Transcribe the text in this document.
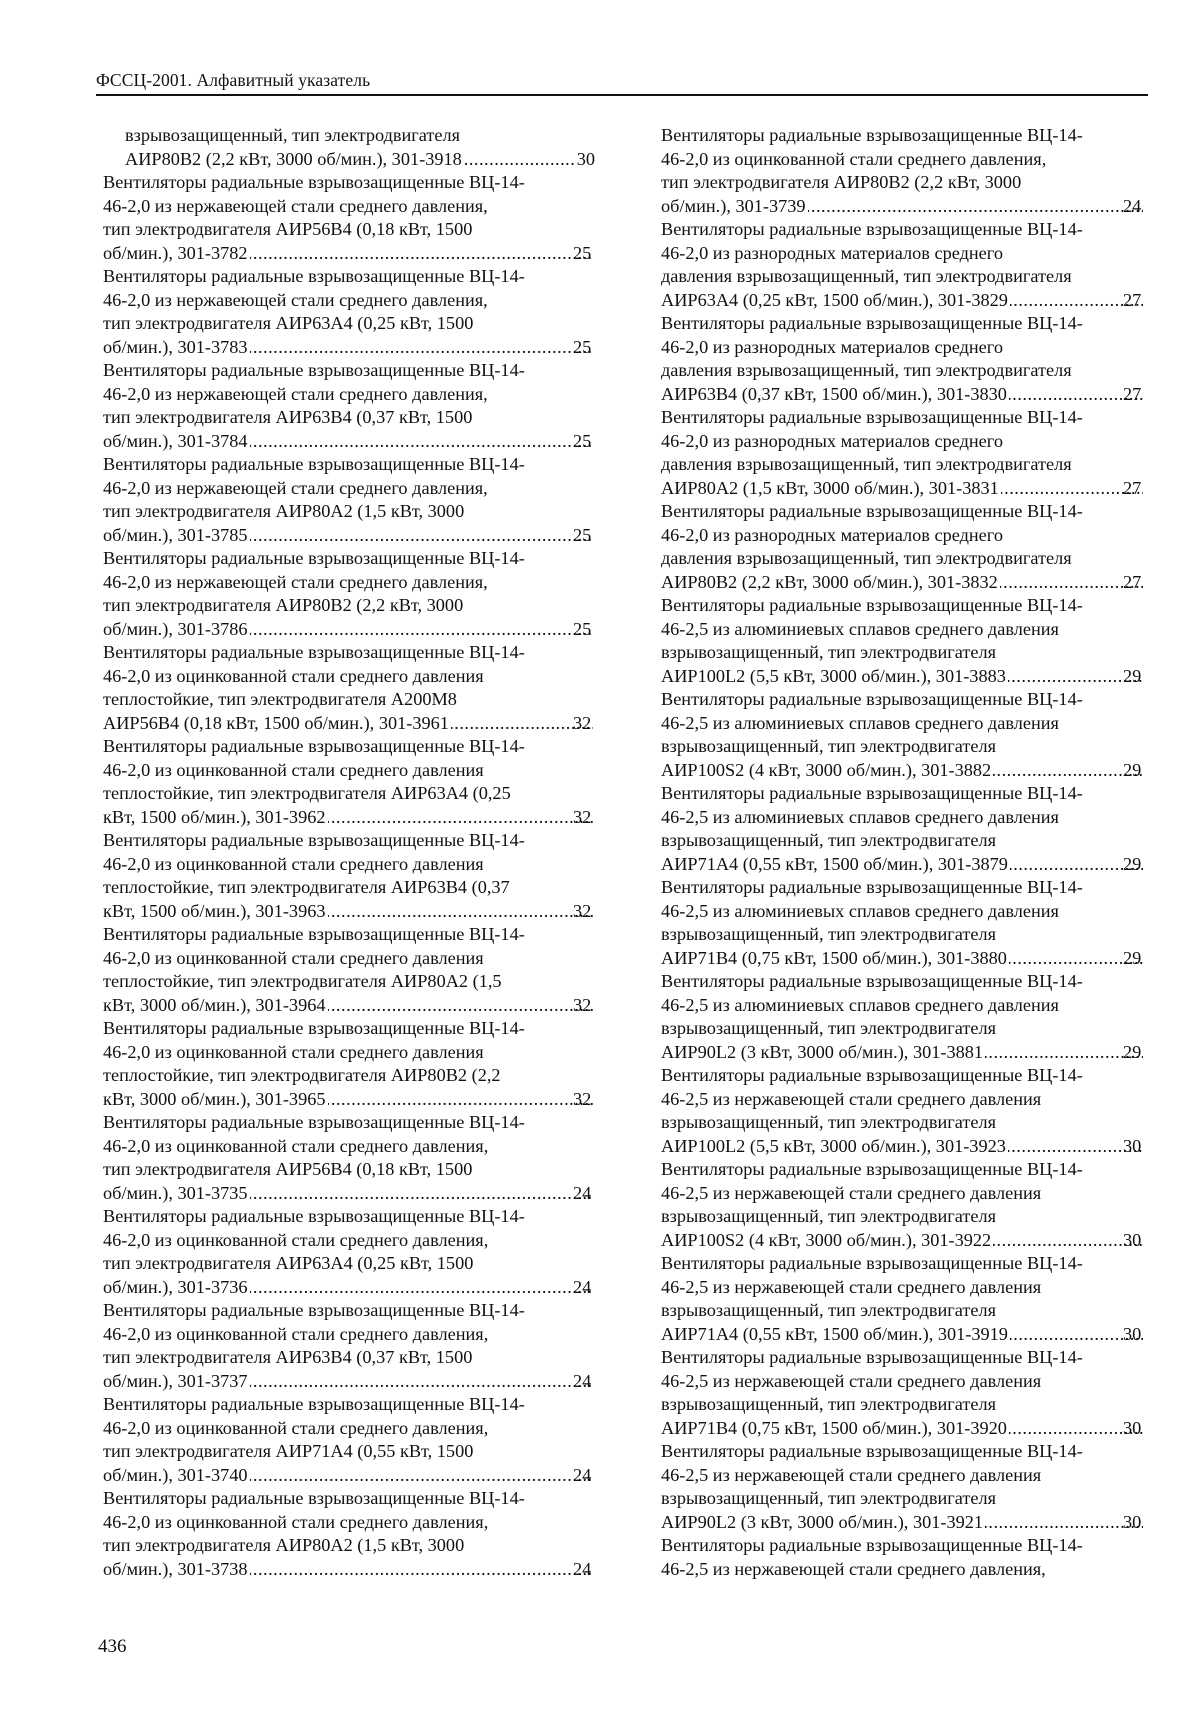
ФССЦ-2001. Алфавитный указатель
взрывозащищенный, тип электродвигателя
АИР80В2 (2,2 кВт, 3000 об/мин.), 301-3918 .....	30
Вентиляторы радиальные взрывозащищенные ВЦ-14-
46-2,0 из нержавеющей стали среднего давления,
тип электродвигателя АИР56В4 (0,18 кВт, 1500
об/мин.), 301-3782 .....	25
Вентиляторы радиальные взрывозащищенные ВЦ-14-
46-2,0 из нержавеющей стали среднего давления,
тип электродвигателя АИР63А4 (0,25 кВт, 1500
об/мин.), 301-3783 .....	25
Вентиляторы радиальные взрывозащищенные ВЦ-14-
46-2,0 из нержавеющей стали среднего давления,
тип электродвигателя АИР63В4 (0,37 кВт, 1500
об/мин.), 301-3784 .....	25
Вентиляторы радиальные взрывозащищенные ВЦ-14-
46-2,0 из нержавеющей стали среднего давления,
тип электродвигателя АИР80А2 (1,5 кВт, 3000
об/мин.), 301-3785 .....	25
Вентиляторы радиальные взрывозащищенные ВЦ-14-
46-2,0 из нержавеющей стали среднего давления,
тип электродвигателя АИР80В2 (2,2 кВт, 3000
об/мин.), 301-3786 .....	25
Вентиляторы радиальные взрывозащищенные ВЦ-14-
46-2,0 из оцинкованной стали среднего давления
теплостойкие, тип электродвигателя А200М8
АИР56В4 (0,18 кВт, 1500 об/мин.), 301-3961 .....	32
Вентиляторы радиальные взрывозащищенные ВЦ-14-
46-2,0 из оцинкованной стали среднего давления
теплостойкие, тип электродвигателя АИР63А4 (0,25
кВт, 1500 об/мин.), 301-3962 .....	32
Вентиляторы радиальные взрывозащищенные ВЦ-14-
46-2,0 из оцинкованной стали среднего давления
теплостойкие, тип электродвигателя АИР63В4 (0,37
кВт, 1500 об/мин.), 301-3963 .....	32
Вентиляторы радиальные взрывозащищенные ВЦ-14-
46-2,0 из оцинкованной стали среднего давления
теплостойкие, тип электродвигателя АИР80А2 (1,5
кВт, 3000 об/мин.), 301-3964 .....	32
Вентиляторы радиальные взрывозащищенные ВЦ-14-
46-2,0 из оцинкованной стали среднего давления
теплостойкие, тип электродвигателя АИР80В2 (2,2
кВт, 3000 об/мин.), 301-3965 .....	32
Вентиляторы радиальные взрывозащищенные ВЦ-14-
46-2,0 из оцинкованной стали среднего давления,
тип электродвигателя АИР56В4 (0,18 кВт, 1500
об/мин.), 301-3735 .....	24
Вентиляторы радиальные взрывозащищенные ВЦ-14-
46-2,0 из оцинкованной стали среднего давления,
тип электродвигателя АИР63А4 (0,25 кВт, 1500
об/мин.), 301-3736 .....	24
Вентиляторы радиальные взрывозащищенные ВЦ-14-
46-2,0 из оцинкованной стали среднего давления,
тип электродвигателя АИР63В4 (0,37 кВт, 1500
об/мин.), 301-3737 .....	24
Вентиляторы радиальные взрывозащищенные ВЦ-14-
46-2,0 из оцинкованной стали среднего давления,
тип электродвигателя АИР71А4 (0,55 кВт, 1500
об/мин.), 301-3740 .....	24
Вентиляторы радиальные взрывозащищенные ВЦ-14-
46-2,0 из оцинкованной стали среднего давления,
тип электродвигателя АИР80А2 (1,5 кВт, 3000
об/мин.), 301-3738 .....	24
Вентиляторы радиальные взрывозащищенные ВЦ-14-
46-2,0 из оцинкованной стали среднего давления,
тип электродвигателя АИР80В2 (2,2 кВт, 3000
об/мин.), 301-3739 .....	24
Вентиляторы радиальные взрывозащищенные ВЦ-14-
46-2,0 из разнородных материалов среднего
давления взрывозащищенный, тип электродвигателя
АИР63А4 (0,25 кВт, 1500 об/мин.), 301-3829 .....	27
Вентиляторы радиальные взрывозащищенные ВЦ-14-
46-2,0 из разнородных материалов среднего
давления взрывозащищенный, тип электродвигателя
АИР63В4 (0,37 кВт, 1500 об/мин.), 301-3830 .....	27
Вентиляторы радиальные взрывозащищенные ВЦ-14-
46-2,0 из разнородных материалов среднего
давления взрывозащищенный, тип электродвигателя
АИР80А2 (1,5 кВт, 3000 об/мин.), 301-3831 .....	27
Вентиляторы радиальные взрывозащищенные ВЦ-14-
46-2,0 из разнородных материалов среднего
давления взрывозащищенный, тип электродвигателя
АИР80В2 (2,2 кВт, 3000 об/мин.), 301-3832 .....	27
Вентиляторы радиальные взрывозащищенные ВЦ-14-
46-2,5 из алюминиевых сплавов среднего давления
взрывозащищенный, тип электродвигателя
АИР100L2 (5,5 кВт, 3000 об/мин.), 301-3883 .....	29
Вентиляторы радиальные взрывозащищенные ВЦ-14-
46-2,5 из алюминиевых сплавов среднего давления
взрывозащищенный, тип электродвигателя
АИР100S2 (4 кВт, 3000 об/мин.), 301-3882 .....	29
Вентиляторы радиальные взрывозащищенные ВЦ-14-
46-2,5 из алюминиевых сплавов среднего давления
взрывозащищенный, тип электродвигателя
АИР71А4 (0,55 кВт, 1500 об/мин.), 301-3879 .....	29
Вентиляторы радиальные взрывозащищенные ВЦ-14-
46-2,5 из алюминиевых сплавов среднего давления
взрывозащищенный, тип электродвигателя
АИР71В4 (0,75 кВт, 1500 об/мин.), 301-3880 .....	29
Вентиляторы радиальные взрывозащищенные ВЦ-14-
46-2,5 из алюминиевых сплавов среднего давления
взрывозащищенный, тип электродвигателя
АИР90L2 (3 кВт, 3000 об/мин.), 301-3881 .....	29
Вентиляторы радиальные взрывозащищенные ВЦ-14-
46-2,5 из нержавеющей стали среднего давления
взрывозащищенный, тип электродвигателя
АИР100L2 (5,5 кВт, 3000 об/мин.), 301-3923 .....	30
Вентиляторы радиальные взрывозащищенные ВЦ-14-
46-2,5 из нержавеющей стали среднего давления
взрывозащищенный, тип электродвигателя
АИР100S2 (4 кВт, 3000 об/мин.), 301-3922 .....	30
Вентиляторы радиальные взрывозащищенные ВЦ-14-
46-2,5 из нержавеющей стали среднего давления
взрывозащищенный, тип электродвигателя
АИР71А4 (0,55 кВт, 1500 об/мин.), 301-3919 .....	30
Вентиляторы радиальные взрывозащищенные ВЦ-14-
46-2,5 из нержавеющей стали среднего давления
взрывозащищенный, тип электродвигателя
АИР71В4 (0,75 кВт, 1500 об/мин.), 301-3920 .....	30
Вентиляторы радиальные взрывозащищенные ВЦ-14-
46-2,5 из нержавеющей стали среднего давления
взрывозащищенный, тип электродвигателя
АИР90L2 (3 кВт, 3000 об/мин.), 301-3921 .....	30
Вентиляторы радиальные взрывозащищенные ВЦ-14-
46-2,5 из нержавеющей стали среднего давления,
436
